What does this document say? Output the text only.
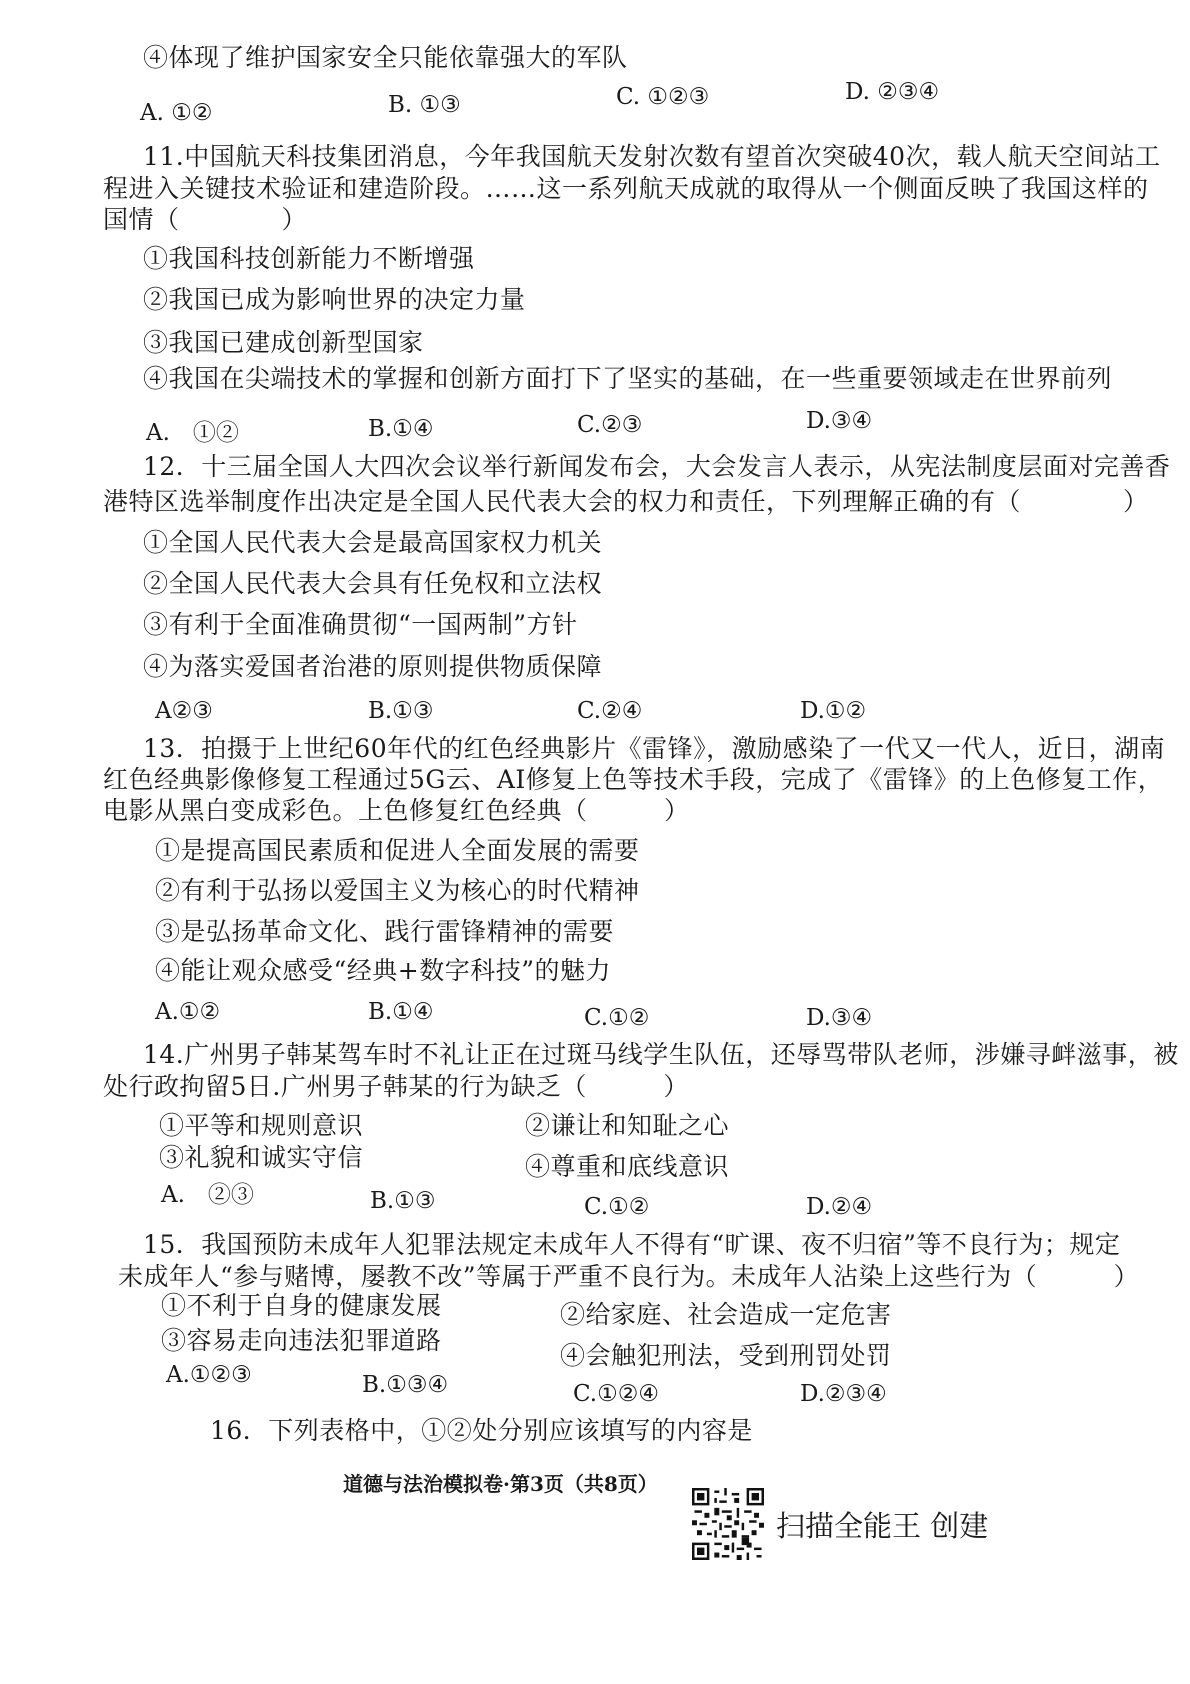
④体现了维护国家安全只能依靠强大的军队
A. ①②	B. ①③	C. ①②③	D. ②③④
11.中国航天科技集团消息，今年我国航天发射次数有望首次突破40次，载人航天空间站工
程进入关键技术验证和建造阶段。……这一系列航天成就的取得从一个侧面反映了我国这样的
国情（　　　　）
①我国科技创新能力不断增强
②我国已成为影响世界的决定力量
③我国已建成创新型国家
④我国在尖端技术的掌握和创新方面打下了坚实的基础，在一些重要领域走在世界前列
A.　①②	B.①④	C.②③	D.③④
12．十三届全国人大四次会议举行新闻发布会，大会发言人表示，从宪法制度层面对完善香
港特区选举制度作出决定是全国人民代表大会的权力和责任，下列理解正确的有（　　　　）
①全国人民代表大会是最高国家权力机关
②全国人民代表大会具有任免权和立法权
③有利于全面准确贯彻“一国两制”方针
④为落实爱国者治港的原则提供物质保障
A②③	B.①③	C.②④	D.①②
13．拍摄于上世纪60年代的红色经典影片《雷锋》，激励感染了一代又一代人，近日，湖南
红色经典影像修复工程通过5G云、AI修复上色等技术手段，完成了《雷锋》的上色修复工作，
电影从黑白变成彩色。上色修复红色经典（　　　）
①是提高国民素质和促进人全面发展的需要
②有利于弘扬以爱国主义为核心的时代精神
③是弘扬革命文化、践行雷锋精神的需要
④能让观众感受“经典+数字科技”的魅力
A.①②	B.①④	C.①②	D.③④
14.广州男子韩某驾车时不礼让正在过斑马线学生队伍，还辱骂带队老师，涉嫌寻衅滋事，被
处行政拘留5日.广州男子韩某的行为缺乏（　　　）
①平等和规则意识	②谦让和知耻之心
③礼貌和诚实守信	④尊重和底线意识
A.　②③	B.①③	C.①②	D.②④
15．我国预防未成年人犯罪法规定未成年人不得有“旷课、夜不归宿”等不良行为；规定
未成年人“参与赌博，屡教不改”等属于严重不良行为。未成年人沾染上这些行为（　　　）
①不利于自身的健康发展	②给家庭、社会造成一定危害
③容易走向违法犯罪道路
④会触犯刑法，受到刑罚处罚
A.①②③	B.①③④	C.①②④	D.②③④
16．下列表格中，①②处分别应该填写的内容是
道德与法治模拟卷·第3页（共8页）
扫描全能王 创建
